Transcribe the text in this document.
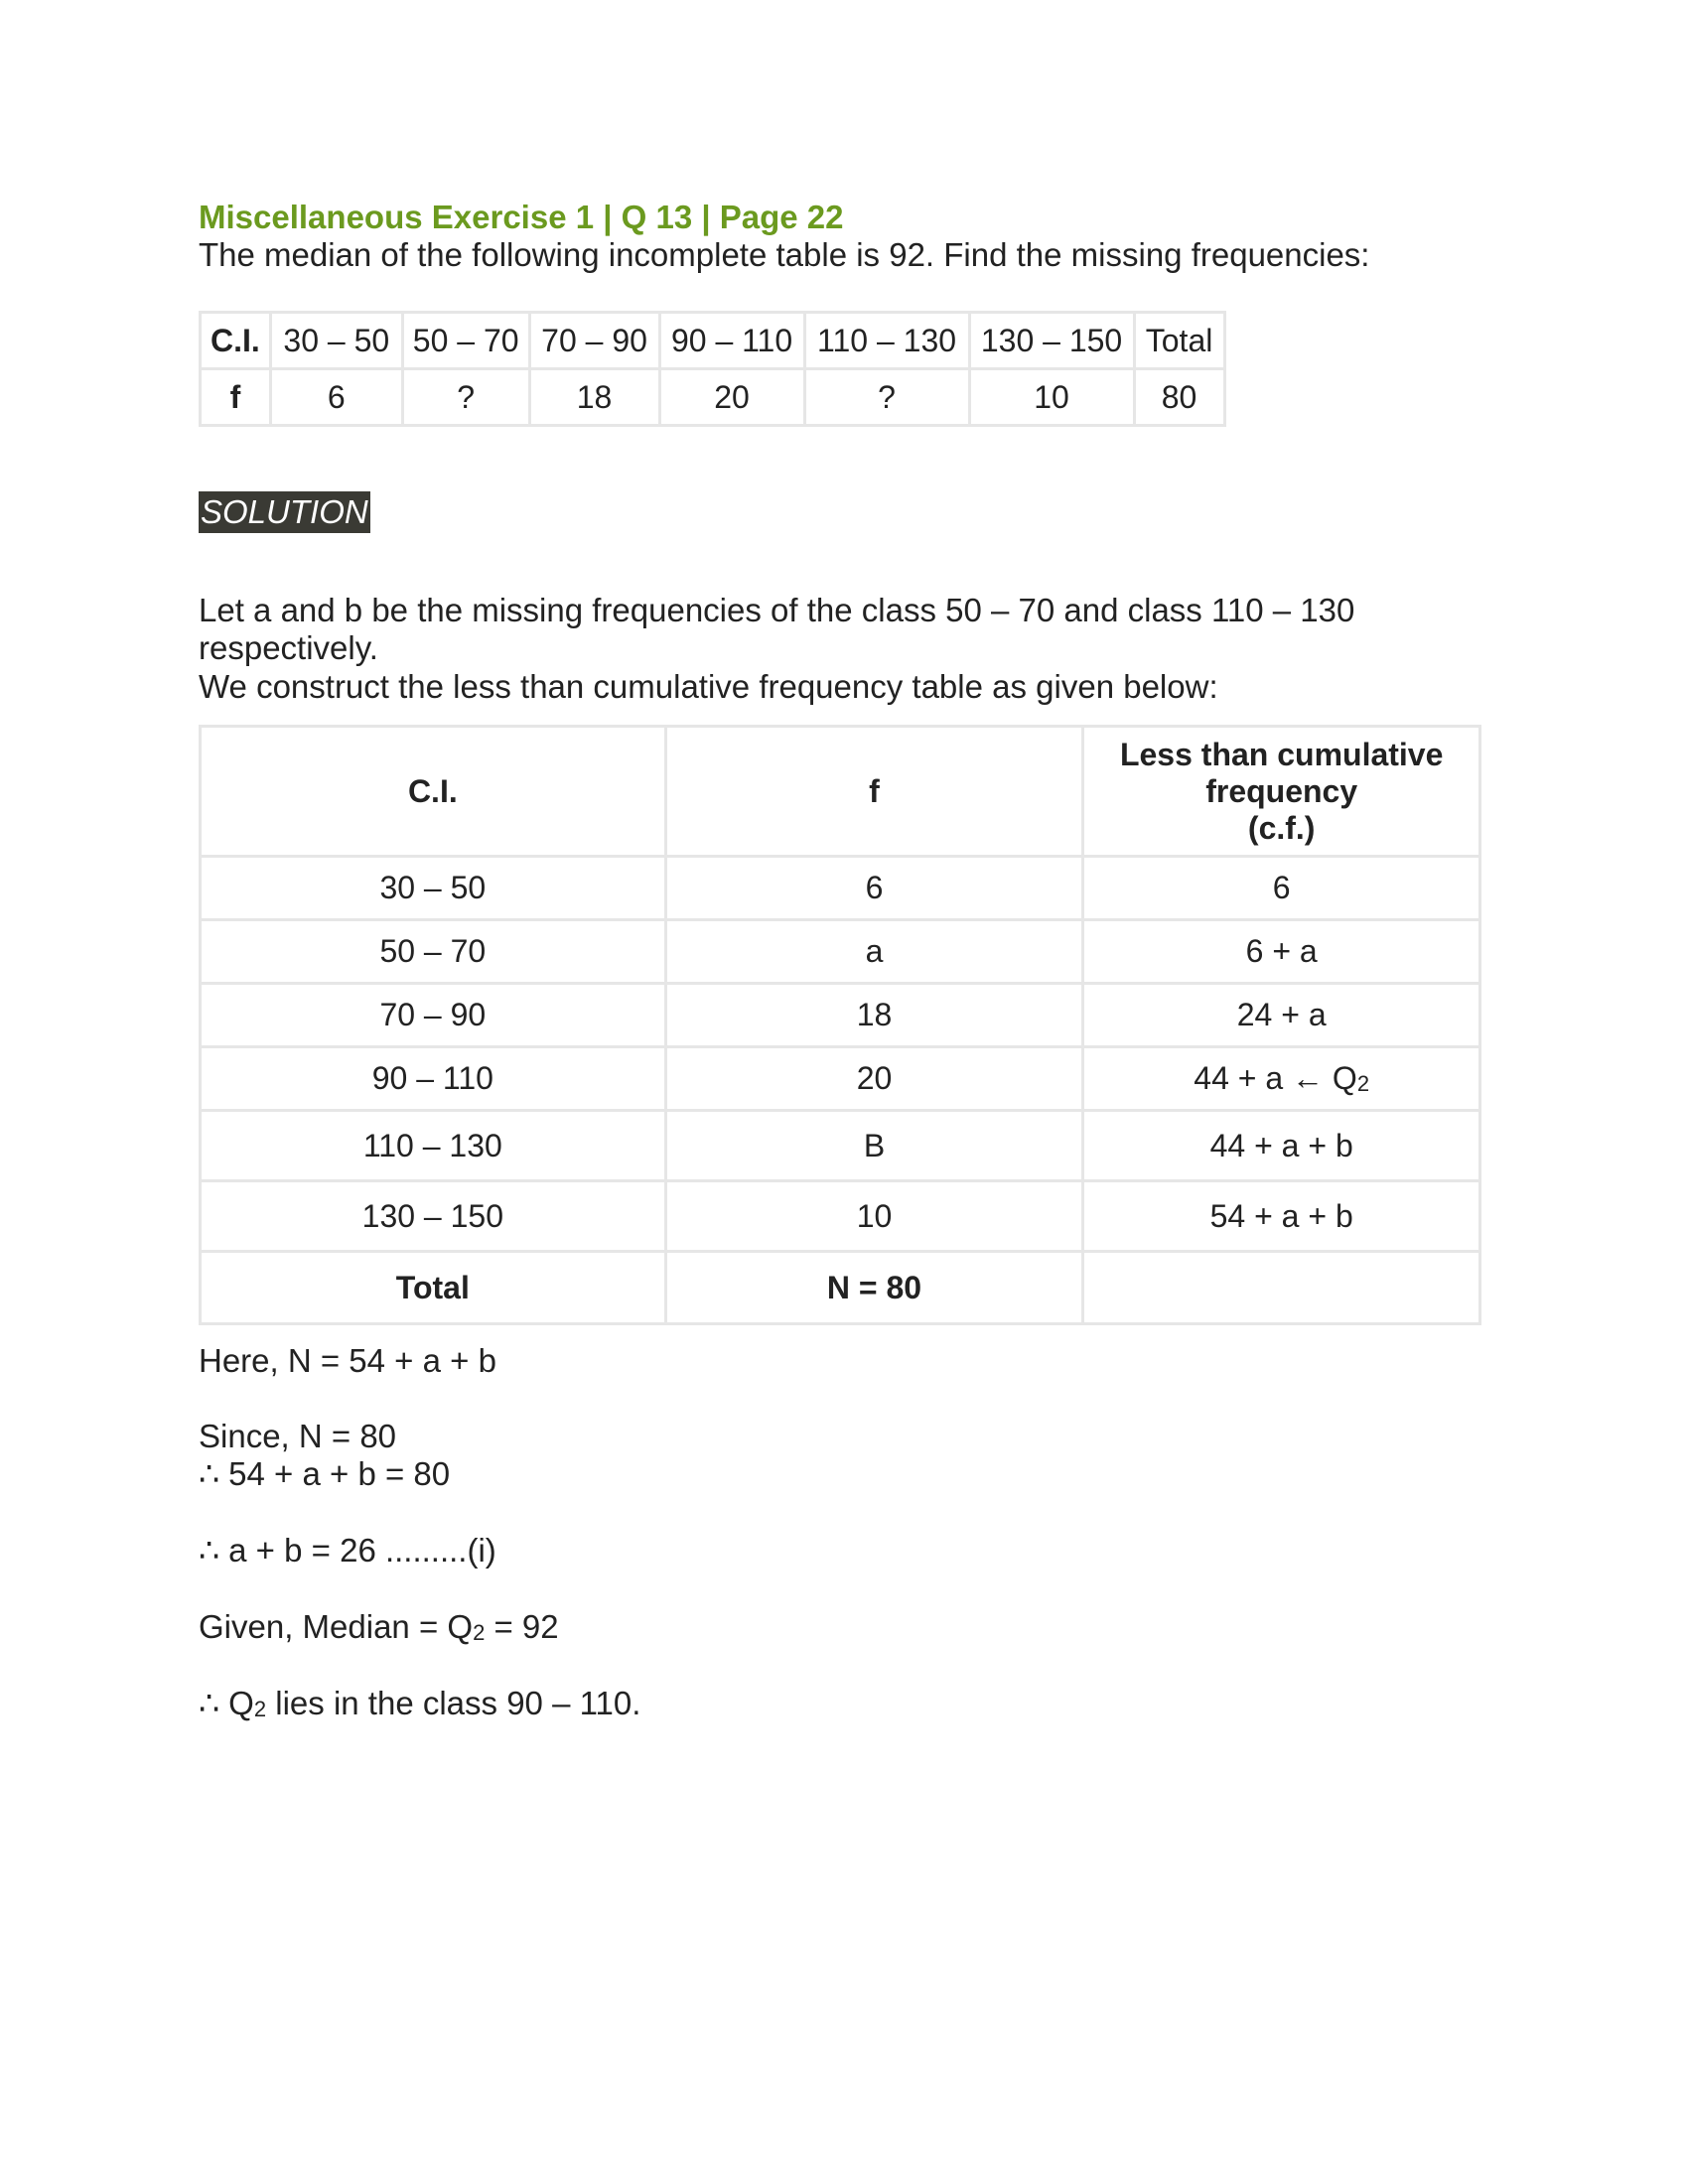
Miscellaneous Exercise 1 | Q 13 | Page 22
The median of the following incomplete table is 92. Find the missing frequencies:
C.I.	30 – 50	50 – 70	70 – 90	90 – 110	110 – 130	130 – 150	Total
f	6	?	18	20	?	10	80
SOLUTION
Let a and b be the missing frequencies of the class 50 – 70 and class 110 – 130
respectively.
We construct the less than cumulative frequency table as given below:
C.I.	f	Less than cumulative
frequency
(c.f.)

30 – 50	6	6
50 – 70	a	6 + a
70 – 90	18	24 + a
90 – 110	20	44 + a ← $Q_2$
110 – 130	B	44 + a + b
130 – 150	10	54 + a + b
Total	N = 80	
Here, N = 54 + a + b
Since, N = 80
∴ 54 + a + b = 80
∴ a + b = 26 .........(i)
Given, Median = $Q_2 = 92$
∴ $Q_2$ lies in the class 90 – 110.
